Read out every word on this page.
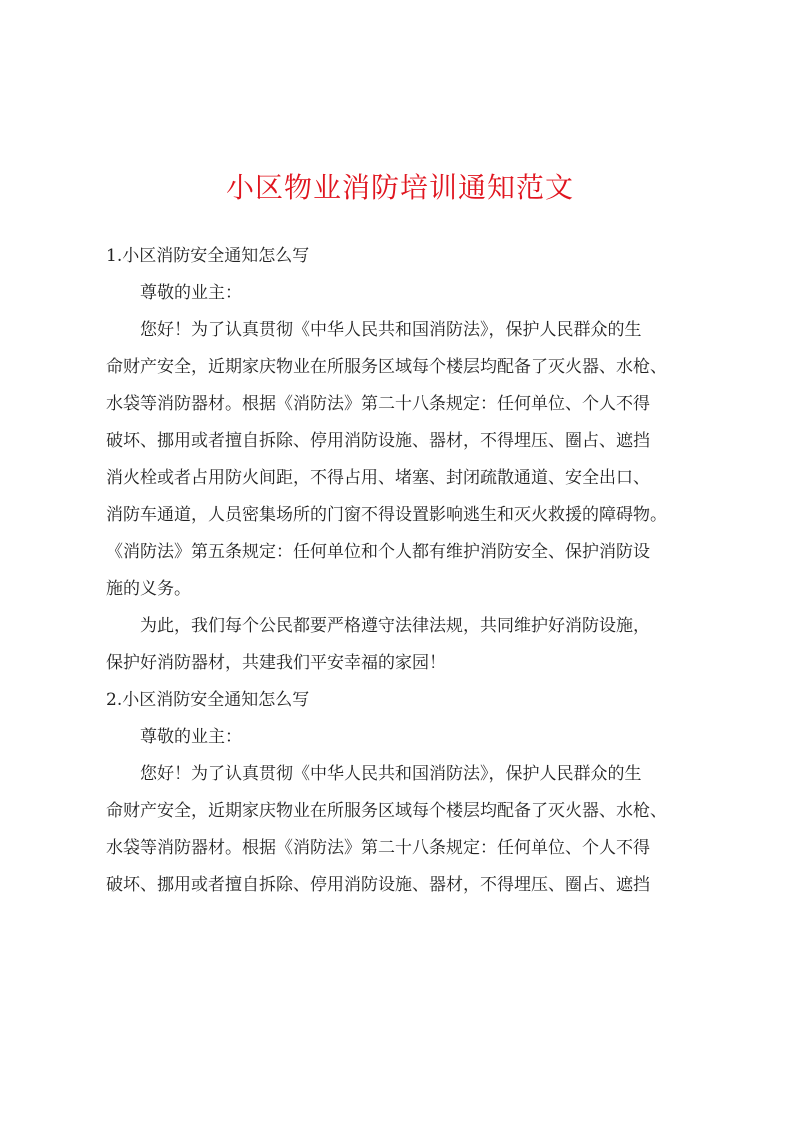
小区物业消防培训通知范文

1.小区消防安全通知怎么写

尊敬的业主：

您好！为了认真贯彻《中华人民共和国消防法》，保护人民群众的生

命财产安全，近期家庆物业在所服务区域每个楼层均配备了灭火器、水枪、

水袋等消防器材。根据《消防法》第二十八条规定：任何单位、个人不得

破坏、挪用或者擅自拆除、停用消防设施、器材，不得埋压、圈占、遮挡

消火栓或者占用防火间距，不得占用、堵塞、封闭疏散通道、安全出口、

消防车通道，人员密集场所的门窗不得设置影响逃生和灭火救援的障碍物。

《消防法》第五条规定：任何单位和个人都有维护消防安全、保护消防设

施的义务。

为此，我们每个公民都要严格遵守法律法规，共同维护好消防设施，

保护好消防器材，共建我们平安幸福的家园！

2.小区消防安全通知怎么写

尊敬的业主：

您好！为了认真贯彻《中华人民共和国消防法》，保护人民群众的生

命财产安全，近期家庆物业在所服务区域每个楼层均配备了灭火器、水枪、

水袋等消防器材。根据《消防法》第二十八条规定：任何单位、个人不得

破坏、挪用或者擅自拆除、停用消防设施、器材，不得埋压、圈占、遮挡
